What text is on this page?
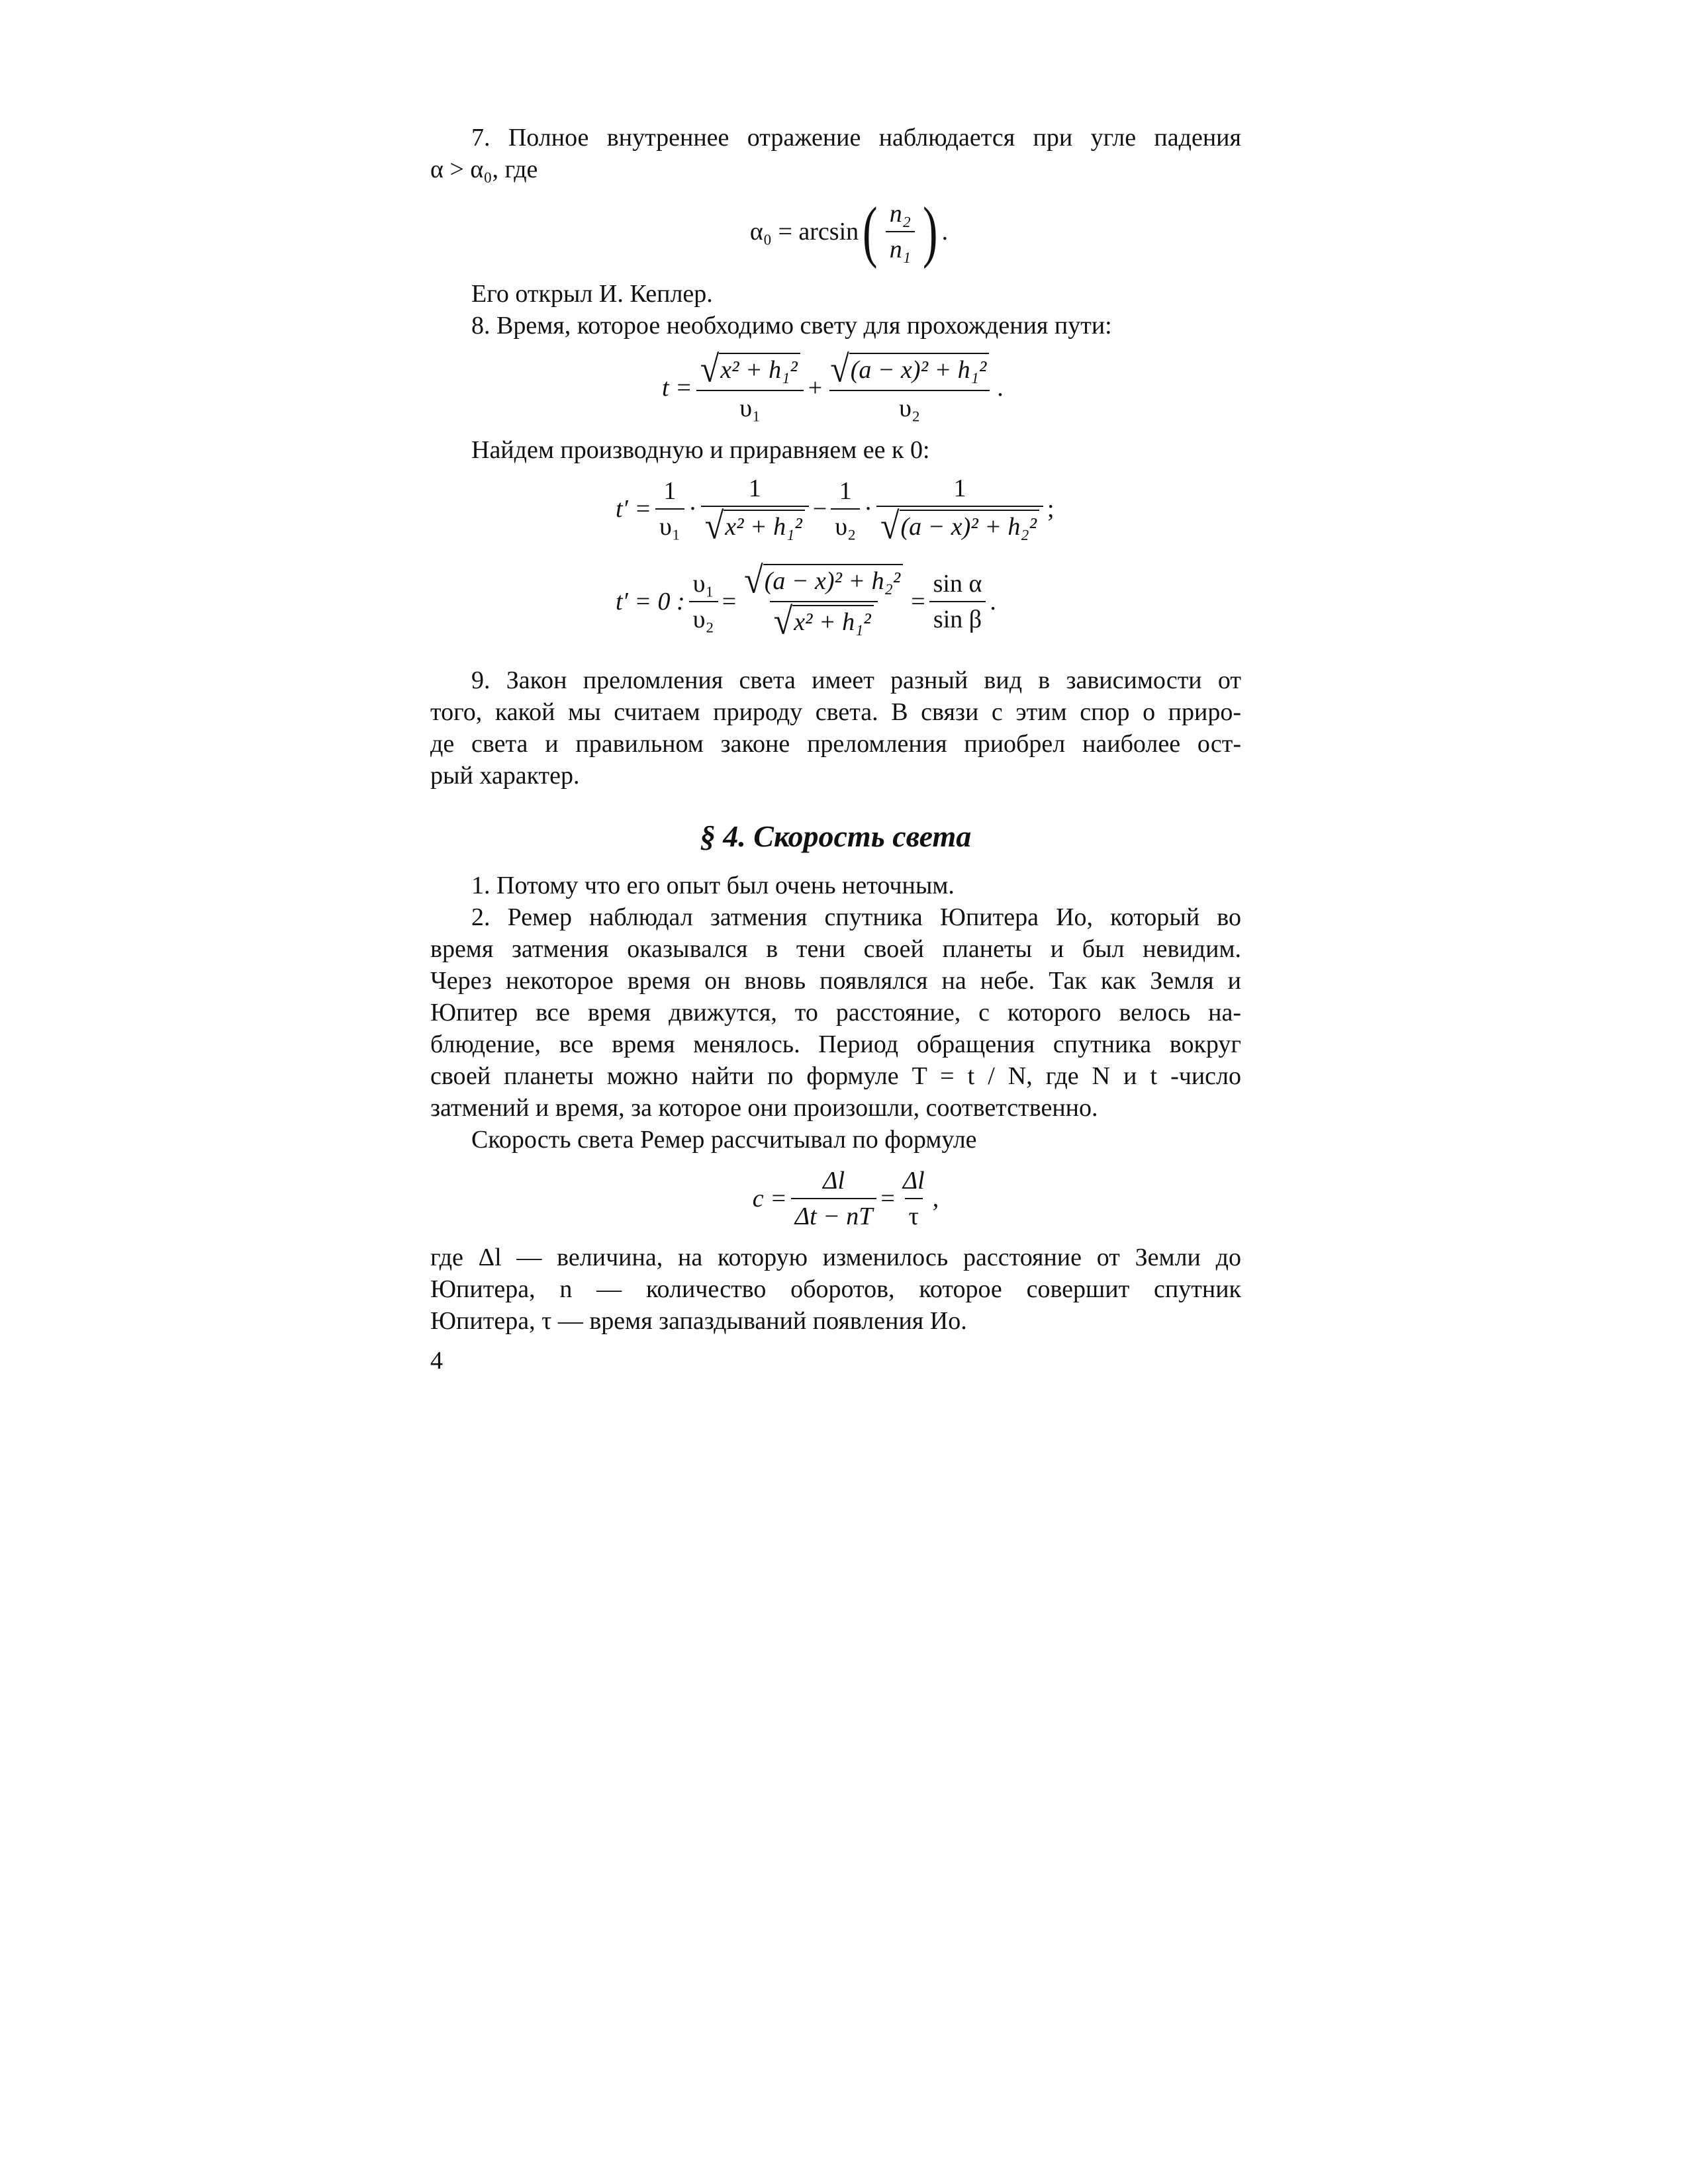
7. Полное внутреннее отражение наблюдается при угле падения

α > α₀, где

α₀ = arcsin ( $\frac{\text{n₂}}{\text{n₁}}$ ) .

Его открыл И. Кеплер.

8. Время, которое необходимо свету для прохождения пути:

$t = \frac{\text{√ x² + h₁²}}{\text{υ₁}} + \frac{\text{√ (a − x)² + h₁²}}{\text{υ₂}}$ .

Найдем производную и приравняем ее к 0:

$t' = \frac{1}{\text{υ₁}} \cdot \frac{1}{\text{√ x² + h₁²}} - \frac{1}{\text{υ₂}} \cdot \frac{1}{\text{√ (a − x)² + h₂²}}$ ;
t′ = 0 : $\frac{\text{υ₁}}{\text{υ₂}} = \frac{\text{√ (a − x)² + h₂²}}{\text{√ x² + h₁²}} = \frac{\text{sin α}}{\text{sin β}}$ .

9. Закон преломления света имеет разный вид в зависимости от

того, какой мы считаем природу света. В связи с этим спор о приро-

де света и правильном законе преломления приобрел наиболее ост-

рый характер.

§ 4. Скорость света

1. Потому что его опыт был очень неточным.

2. Ремер наблюдал затмения спутника Юпитера Ио, который во

время затмения оказывался в тени своей планеты и был невидим.

Через некоторое время он вновь появлялся на небе. Так как Земля и

Юпитер все время движутся, то расстояние, с которого велось на-

блюдение, все время менялось. Период обращения спутника вокруг

своей планеты можно найти по формуле T = t / N, где N и t -число

затмений и время, за которое они произошли, соответственно.

Скорость света Ремер рассчитывал по формуле

$c = \frac{\Delta l}{\Delta t - nT} = \frac{\Delta l}{\tau}$ ,

где Δl — величина, на которую изменилось расстояние от Земли до

Юпитера, n — количество оборотов, которое совершит спутник

Юпитера, τ — время запаздываний появления Ио.

4
